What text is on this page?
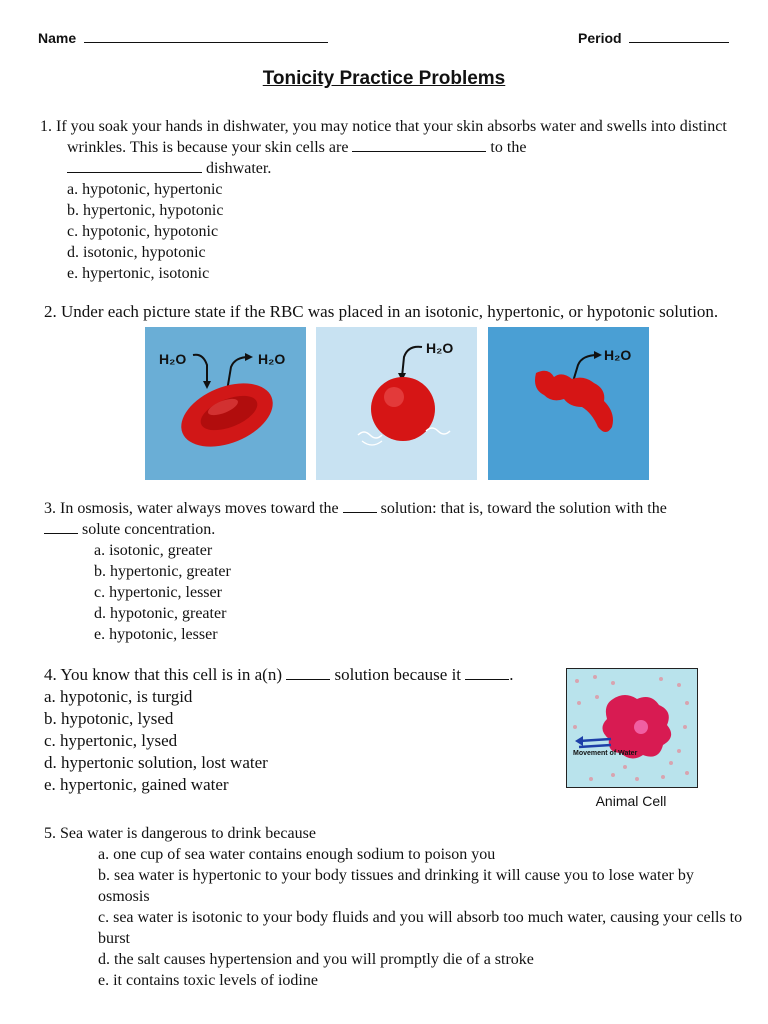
Name	Period
Tonicity Practice Problems

1. If you soak your hands in dishwater, you may notice that your skin absorbs water and swells into distinct wrinkles. This is because your skin cells are	to the
dishwater.

a. hypotonic, hypertonic

b. hypertonic, hypotonic

c. hypotonic, hypotonic

d. isotonic, hypotonic

e. hypertonic, isotonic

2. Under each picture state if the RBC was placed in an isotonic, hypertonic, or hypotonic solution.

H₂O	H₂O
H₂O	H₂O

3. In osmosis, water always moves toward the	solution: that is, toward the solution with the
solute concentration.

a. isotonic, greater

b. hypertonic, greater

c. hypertonic, lesser

d. hypotonic, greater

e. hypotonic, lesser

4. You know that this cell is in a(n)	solution because it	.

a. hypotonic, is turgid

b. hypotonic, lysed

c. hypertonic, lysed

d. hypertonic solution, lost water

e. hypertonic, gained water

Movement of Water
Animal Cell

5. Sea water is dangerous to drink because

a. one cup of sea water contains enough sodium to poison you

b. sea water is hypertonic to your body tissues and drinking it will cause you to lose water by osmosis

c. sea water is isotonic to your body fluids and you will absorb too much water, causing your cells to burst

d. the salt causes hypertension and you will promptly die of a stroke

e. it contains toxic levels of iodine
